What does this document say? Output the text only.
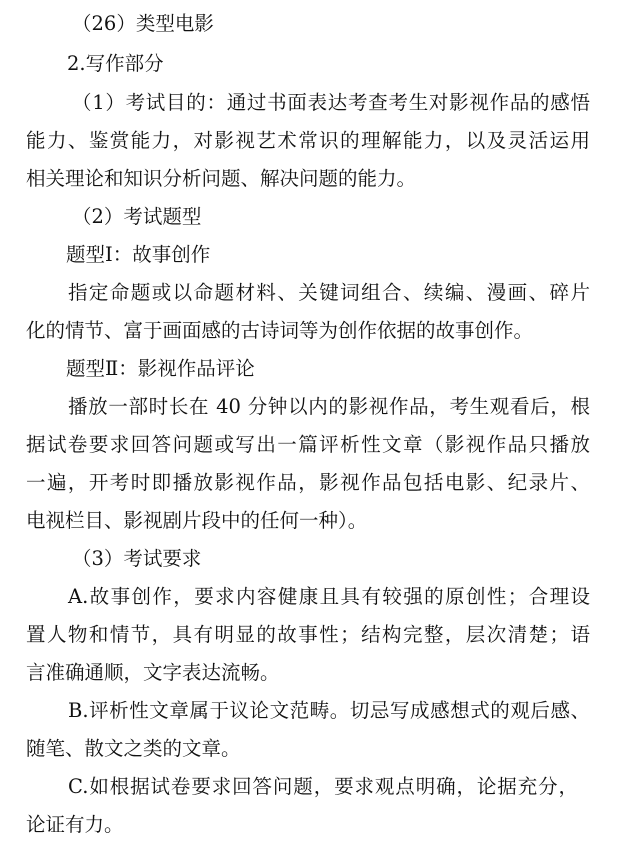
（26）类型电影
2.写作部分
（1）考试目的：通过书面表达考查考生对影视作品的感悟
能力、鉴赏能力，对影视艺术常识的理解能力，以及灵活运用
相关理论和知识分析问题、解决问题的能力。
（2）考试题型
题型Ⅰ：故事创作
指定命题或以命题材料、关键词组合、续编、漫画、碎片
化的情节、富于画面感的古诗词等为创作依据的故事创作。
题型Ⅱ：影视作品评论
播放一部时长在 40 分钟以内的影视作品，考生观看后，根
据试卷要求回答问题或写出一篇评析性文章（影视作品只播放
一遍，开考时即播放影视作品，影视作品包括电影、纪录片、
电视栏目、影视剧片段中的任何一种）。
（3）考试要求
A.故事创作，要求内容健康且具有较强的原创性；合理设
置人物和情节，具有明显的故事性；结构完整，层次清楚；语
言准确通顺，文字表达流畅。
B.评析性文章属于议论文范畴。切忌写成感想式的观后感、
随笔、散文之类的文章。
C.如根据试卷要求回答问题，要求观点明确，论据充分，
论证有力。
